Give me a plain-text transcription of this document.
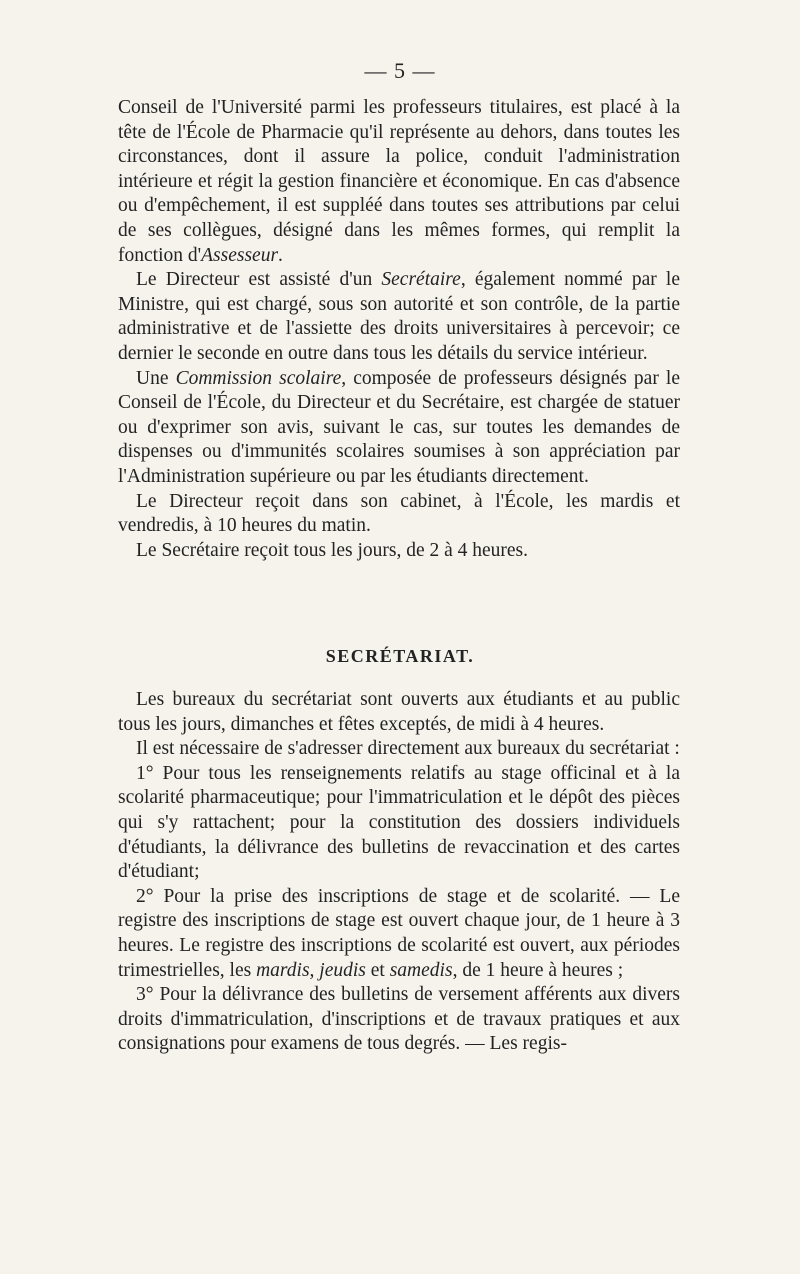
— 5 —

Conseil de l'Université parmi les professeurs titulaires, est placé à la tête de l'École de Pharmacie qu'il représente au dehors, dans toutes les circonstances, dont il assure la police, conduit l'administration intérieure et régit la gestion financière et économique. En cas d'absence ou d'empêchement, il est suppléé dans toutes ses attributions par celui de ses collègues, désigné dans les mêmes formes, qui remplit la fonction d'Assesseur.

Le Directeur est assisté d'un Secrétaire, également nommé par le Ministre, qui est chargé, sous son autorité et son contrôle, de la partie administrative et de l'assiette des droits universitaires à percevoir; ce dernier le seconde en outre dans tous les détails du service intérieur.

Une Commission scolaire, composée de professeurs désignés par le Conseil de l'École, du Directeur et du Secrétaire, est chargée de statuer ou d'exprimer son avis, suivant le cas, sur toutes les demandes de dispenses ou d'immunités scolaires soumises à son appréciation par l'Administration supérieure ou par les étudiants directement.

Le Directeur reçoit dans son cabinet, à l'École, les mardis et vendredis, à 10 heures du matin.

Le Secrétaire reçoit tous les jours, de 2 à 4 heures.

SECRÉTARIAT.

Les bureaux du secrétariat sont ouverts aux étudiants et au public tous les jours, dimanches et fêtes exceptés, de midi à 4 heures.

Il est nécessaire de s'adresser directement aux bureaux du secrétariat :

1° Pour tous les renseignements relatifs au stage officinal et à la scolarité pharmaceutique; pour l'immatriculation et le dépôt des pièces qui s'y rattachent; pour la constitution des dossiers individuels d'étudiants, la délivrance des bulletins de revaccination et des cartes d'étudiant;

2° Pour la prise des inscriptions de stage et de scolarité. — Le registre des inscriptions de stage est ouvert chaque jour, de 1 heure à 3 heures. Le registre des inscriptions de scolarité est ouvert, aux périodes trimestrielles, les mardis, jeudis et samedis, de 1 heure à heures ;

3° Pour la délivrance des bulletins de versement afférents aux divers droits d'immatriculation, d'inscriptions et de travaux pratiques et aux consignations pour examens de tous degrés. — Les regis-
